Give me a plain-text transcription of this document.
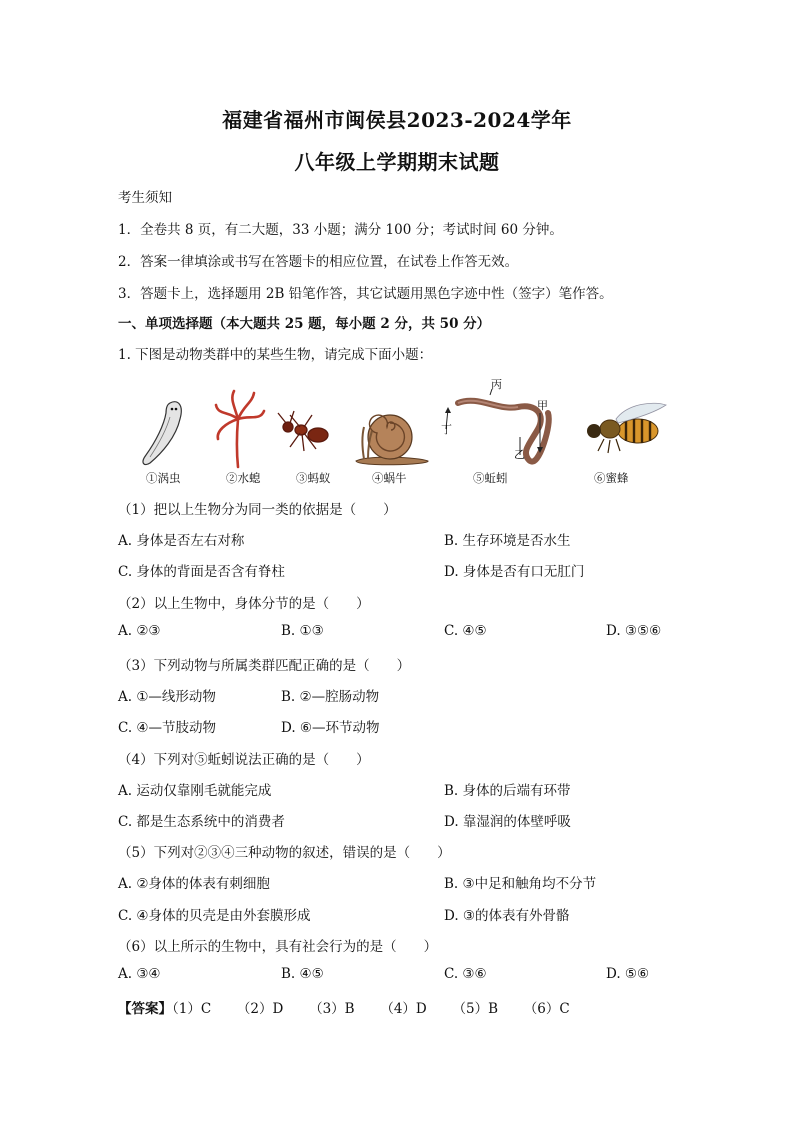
福建省福州市闽侯县2023-2024学年
八年级上学期期末试题
考生须知
1．全卷共 8 页，有二大题，33 小题；满分 100 分；考试时间 60 分钟。
2．答案一律填涂或书写在答题卡的相应位置，在试卷上作答无效。
3．答题卡上，选择题用 2B 铅笔作答，其它试题用黑色字迹中性（签字）笔作答。
一、单项选择题（本大题共 25 题，每小题 2 分，共 50 分）
1. 下图是动物类群中的某些生物，请完成下面小题：
丙
甲
丁
乙
①涡虫	②水螅	③蚂蚁	④蜗牛	⑤蚯蚓	⑥蜜蜂
（1）把以上生物分为同一类的依据是（　　）
A. 身体是否左右对称	B. 生存环境是否水生
C. 身体的背面是否含有脊柱	D. 身体是否有口无肛门
（2）以上生物中，身体分节的是（　　）
A. ②③	B. ①③	C. ④⑤	D. ③⑤⑥
（3）下列动物与所属类群匹配正确的是（　　）
A. ①—线形动物	B. ②—腔肠动物
C. ④—节肢动物	D. ⑥—环节动物
（4）下列对⑤蚯蚓说法正确的是（　　）
A. 运动仅靠刚毛就能完成	B. 身体的后端有环带
C. 都是生态系统中的消费者	D. 靠湿润的体壁呼吸
（5）下列对②③④三种动物的叙述，错误的是（　　）
A. ②身体的体表有刺细胞	B. ③中足和触角均不分节
C. ④身体的贝壳是由外套膜形成	D. ③的体表有外骨骼
（6）以上所示的生物中，具有社会行为的是（　　）
A. ③④	B. ④⑤	C. ③⑥	D. ⑤⑥
【答案】（1）C      （2）D      （3）B      （4）D      （5）B      （6）C
